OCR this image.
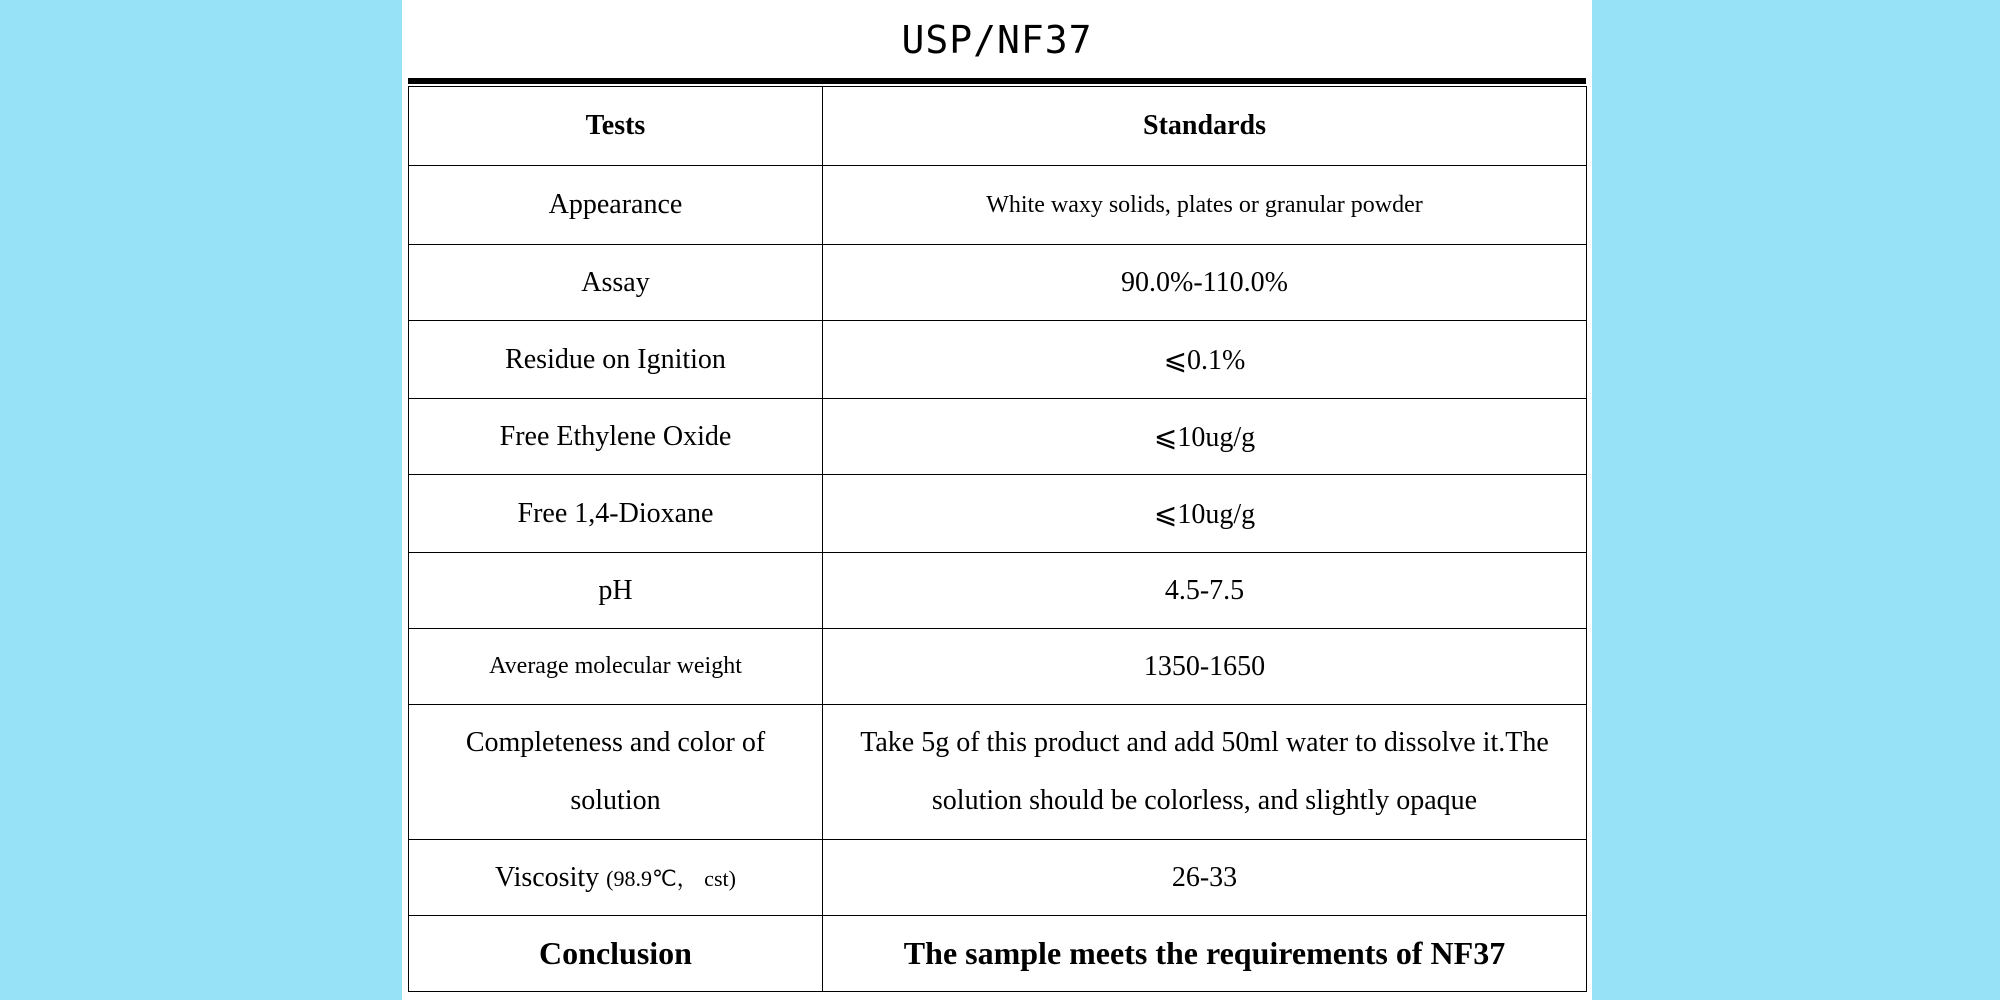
USP/NF37
Tests	Standards
Appearance	White waxy solids, plates or granular powder
Assay	90.0%-110.0%
Residue on Ignition	⩽0.1%
Free Ethylene Oxide	⩽10ug/g
Free 1,4-Dioxane	⩽10ug/g
pH	4.5-7.5
Average molecular weight	1350-1650
Completeness and color of solution	Take 5g of this product and add 50ml water to dissolve it.The solution should be colorless, and slightly opaque
Viscosity (98.9℃， cst)	26-33
Conclusion	The sample meets the requirements of NF37
